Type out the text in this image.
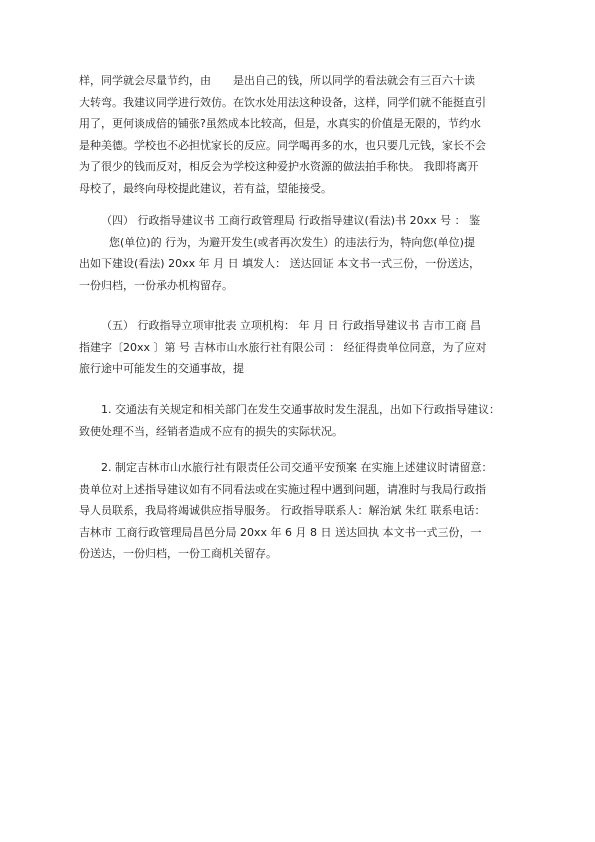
样，同学就会尽量节约，由 是出自己的钱，所以同学的看法就会有三百六十读
大转弯。我建议同学进行效仿。在饮水处用法这种设备，这样，同学们就不能挺直引
用了，更何谈成倍的铺张?虽然成本比较高，但是，水真实的价值是无限的，节约水
是种美德。学校也不必担忧家长的反应。同学喝再多的水，也只要几元钱，家长不会
为了很少的钱而反对，相反会为学校这种爱护水资源的做法拍手称快。 我即将离开
母校了，最终向母校提此建议，若有益，望能接受。
（四） 行政指导建议书 工商行政管理局 行政指导建议(看法)书 20xx 号 ： 鉴
您(单位)的 行为，为避开发生(或者再次发生）的违法行为，特向您(单位)提
出如下建设(看法) 20xx 年 月 日 填发人： 送达回证 本文书一式三份，一份送达，
一份归档，一份承办机构留存。
（五） 行政指导立项审批表 立项机构： 年 月 日 行政指导建议书 吉市工商 昌
指建字〔20xx 〕第 号 吉林市山水旅行社有限公司 ： 经征得贵单位同意，为了应对
旅行途中可能发生的交通事故，提
1. 交通法有关规定和相关部门在发生交通事故时发生混乱，出如下行政指导建议：
致使处理不当，经销者造成不应有的损失的实际状况。
2. 制定吉林市山水旅行社有限责任公司交通平安预案 在实施上述建议时请留意：
贵单位对上述指导建议如有不同看法或在实施过程中遇到问题，请准时与我局行政指
导人员联系，我局将竭诚供应指导服务。 行政指导联系人：解治斌 朱红 联系电话：
吉林市 工商行政管理局昌邑分局 20xx 年 6 月 8 日 送达回执 本文书一式三份，一
份送达，一份归档，一份工商机关留存。
